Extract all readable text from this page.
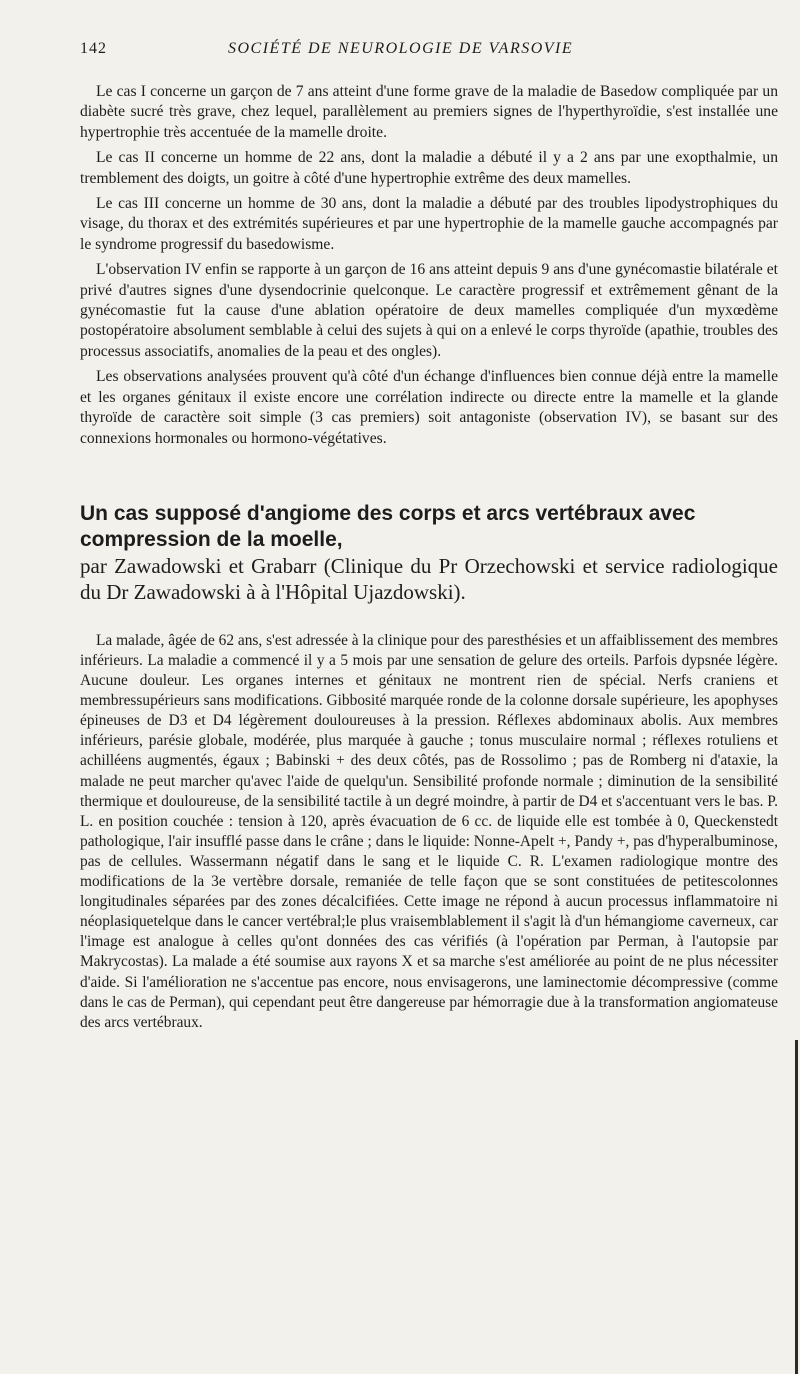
142	SOCIÉTÉ DE NEUROLOGIE DE VARSOVIE

Le cas I concerne un garçon de 7 ans atteint d'une forme grave de la maladie de Basedow compliquée par un diabète sucré très grave, chez lequel, parallèlement au premiers signes de l'hyperthyroïdie, s'est installée une hypertrophie très accentuée de la mamelle droite.

Le cas II concerne un homme de 22 ans, dont la maladie a débuté il y a 2 ans par une exopthalmie, un tremblement des doigts, un goitre à côté d'une hypertrophie extrême des deux mamelles.

Le cas III concerne un homme de 30 ans, dont la maladie a débuté par des troubles lipodystrophiques du visage, du thorax et des extrémités supérieures et par une hypertrophie de la mamelle gauche accompagnés par le syndrome progressif du basedowisme.

L'observation IV enfin se rapporte à un garçon de 16 ans atteint depuis 9 ans d'une gynécomastie bilatérale et privé d'autres signes d'une dysendocrinie quelconque. Le caractère progressif et extrêmement gênant de la gynécomastie fut la cause d'une ablation opératoire de deux mamelles compliquée d'un myxœdème postopératoire absolument semblable à celui des sujets à qui on a enlevé le corps thyroïde (apathie, troubles des processus associatifs, anomalies de la peau et des ongles).

Les observations analysées prouvent qu'à côté d'un échange d'influences bien connue déjà entre la mamelle et les organes génitaux il existe encore une corrélation indirecte ou directe entre la mamelle et la glande thyroïde de caractère soit simple (3 cas premiers) soit antagoniste (observation IV), se basant sur des connexions hormonales ou hormono-végétatives.

Un cas supposé d'angiome des corps et arcs vertébraux avec compression de la moelle,

par Zawadowski et Grabarr (Clinique du Pr Orzechowski et service radiologique du Dr Zawadowski à à l'Hôpital Ujazdowski).

La malade, âgée de 62 ans, s'est adressée à la clinique pour des paresthésies et un affaiblissement des membres inférieurs. La maladie a commencé il y a 5 mois par une sensation de gelure des orteils. Parfois dypsnée légère. Aucune douleur. Les organes internes et génitaux ne montrent rien de spécial. Nerfs craniens et membressupérieurs sans modifications. Gibbosité marquée ronde de la colonne dorsale supérieure, les apophyses épineuses de D3 et D4 légèrement douloureuses à la pression. Réflexes abdominaux abolis. Aux membres inférieurs, parésie globale, modérée, plus marquée à gauche ; tonus musculaire normal ; réflexes rotuliens et achilléens augmentés, égaux ; Babinski + des deux côtés, pas de Rossolimo ; pas de Romberg ni d'ataxie, la malade ne peut marcher qu'avec l'aide de quelqu'un. Sensibilité profonde normale ; diminution de la sensibilité thermique et douloureuse, de la sensibilité tactile à un degré moindre, à partir de D4 et s'accentuant vers le bas. P. L. en position couchée : tension à 120, après évacuation de 6 cc. de liquide elle est tombée à 0, Queckenstedt pathologique, l'air insufflé passe dans le crâne ; dans le liquide: Nonne-Apelt +, Pandy +, pas d'hyperalbuminose, pas de cellules. Wassermann négatif dans le sang et le liquide C. R. L'examen radiologique montre des modifications de la 3e vertèbre dorsale, remaniée de telle façon que se sont constituées de petitescolonnes longitudinales séparées par des zones décalcifiées. Cette image ne répond à aucun processus inflammatoire ni néoplasiquetelque dans le cancer vertébral;le plus vraisemblablement il s'agit là d'un hémangiome caverneux, car l'image est analogue à celles qu'ont données des cas vérifiés (à l'opération par Perman, à l'autopsie par Makrycostas). La malade a été soumise aux rayons X et sa marche s'est améliorée au point de ne plus nécessiter d'aide. Si l'amélioration ne s'accentue pas encore, nous envisagerons, une laminectomie décompressive (comme dans le cas de Perman), qui cependant peut être dangereuse par hémorragie due à la transformation angiomateuse des arcs vertébraux.
